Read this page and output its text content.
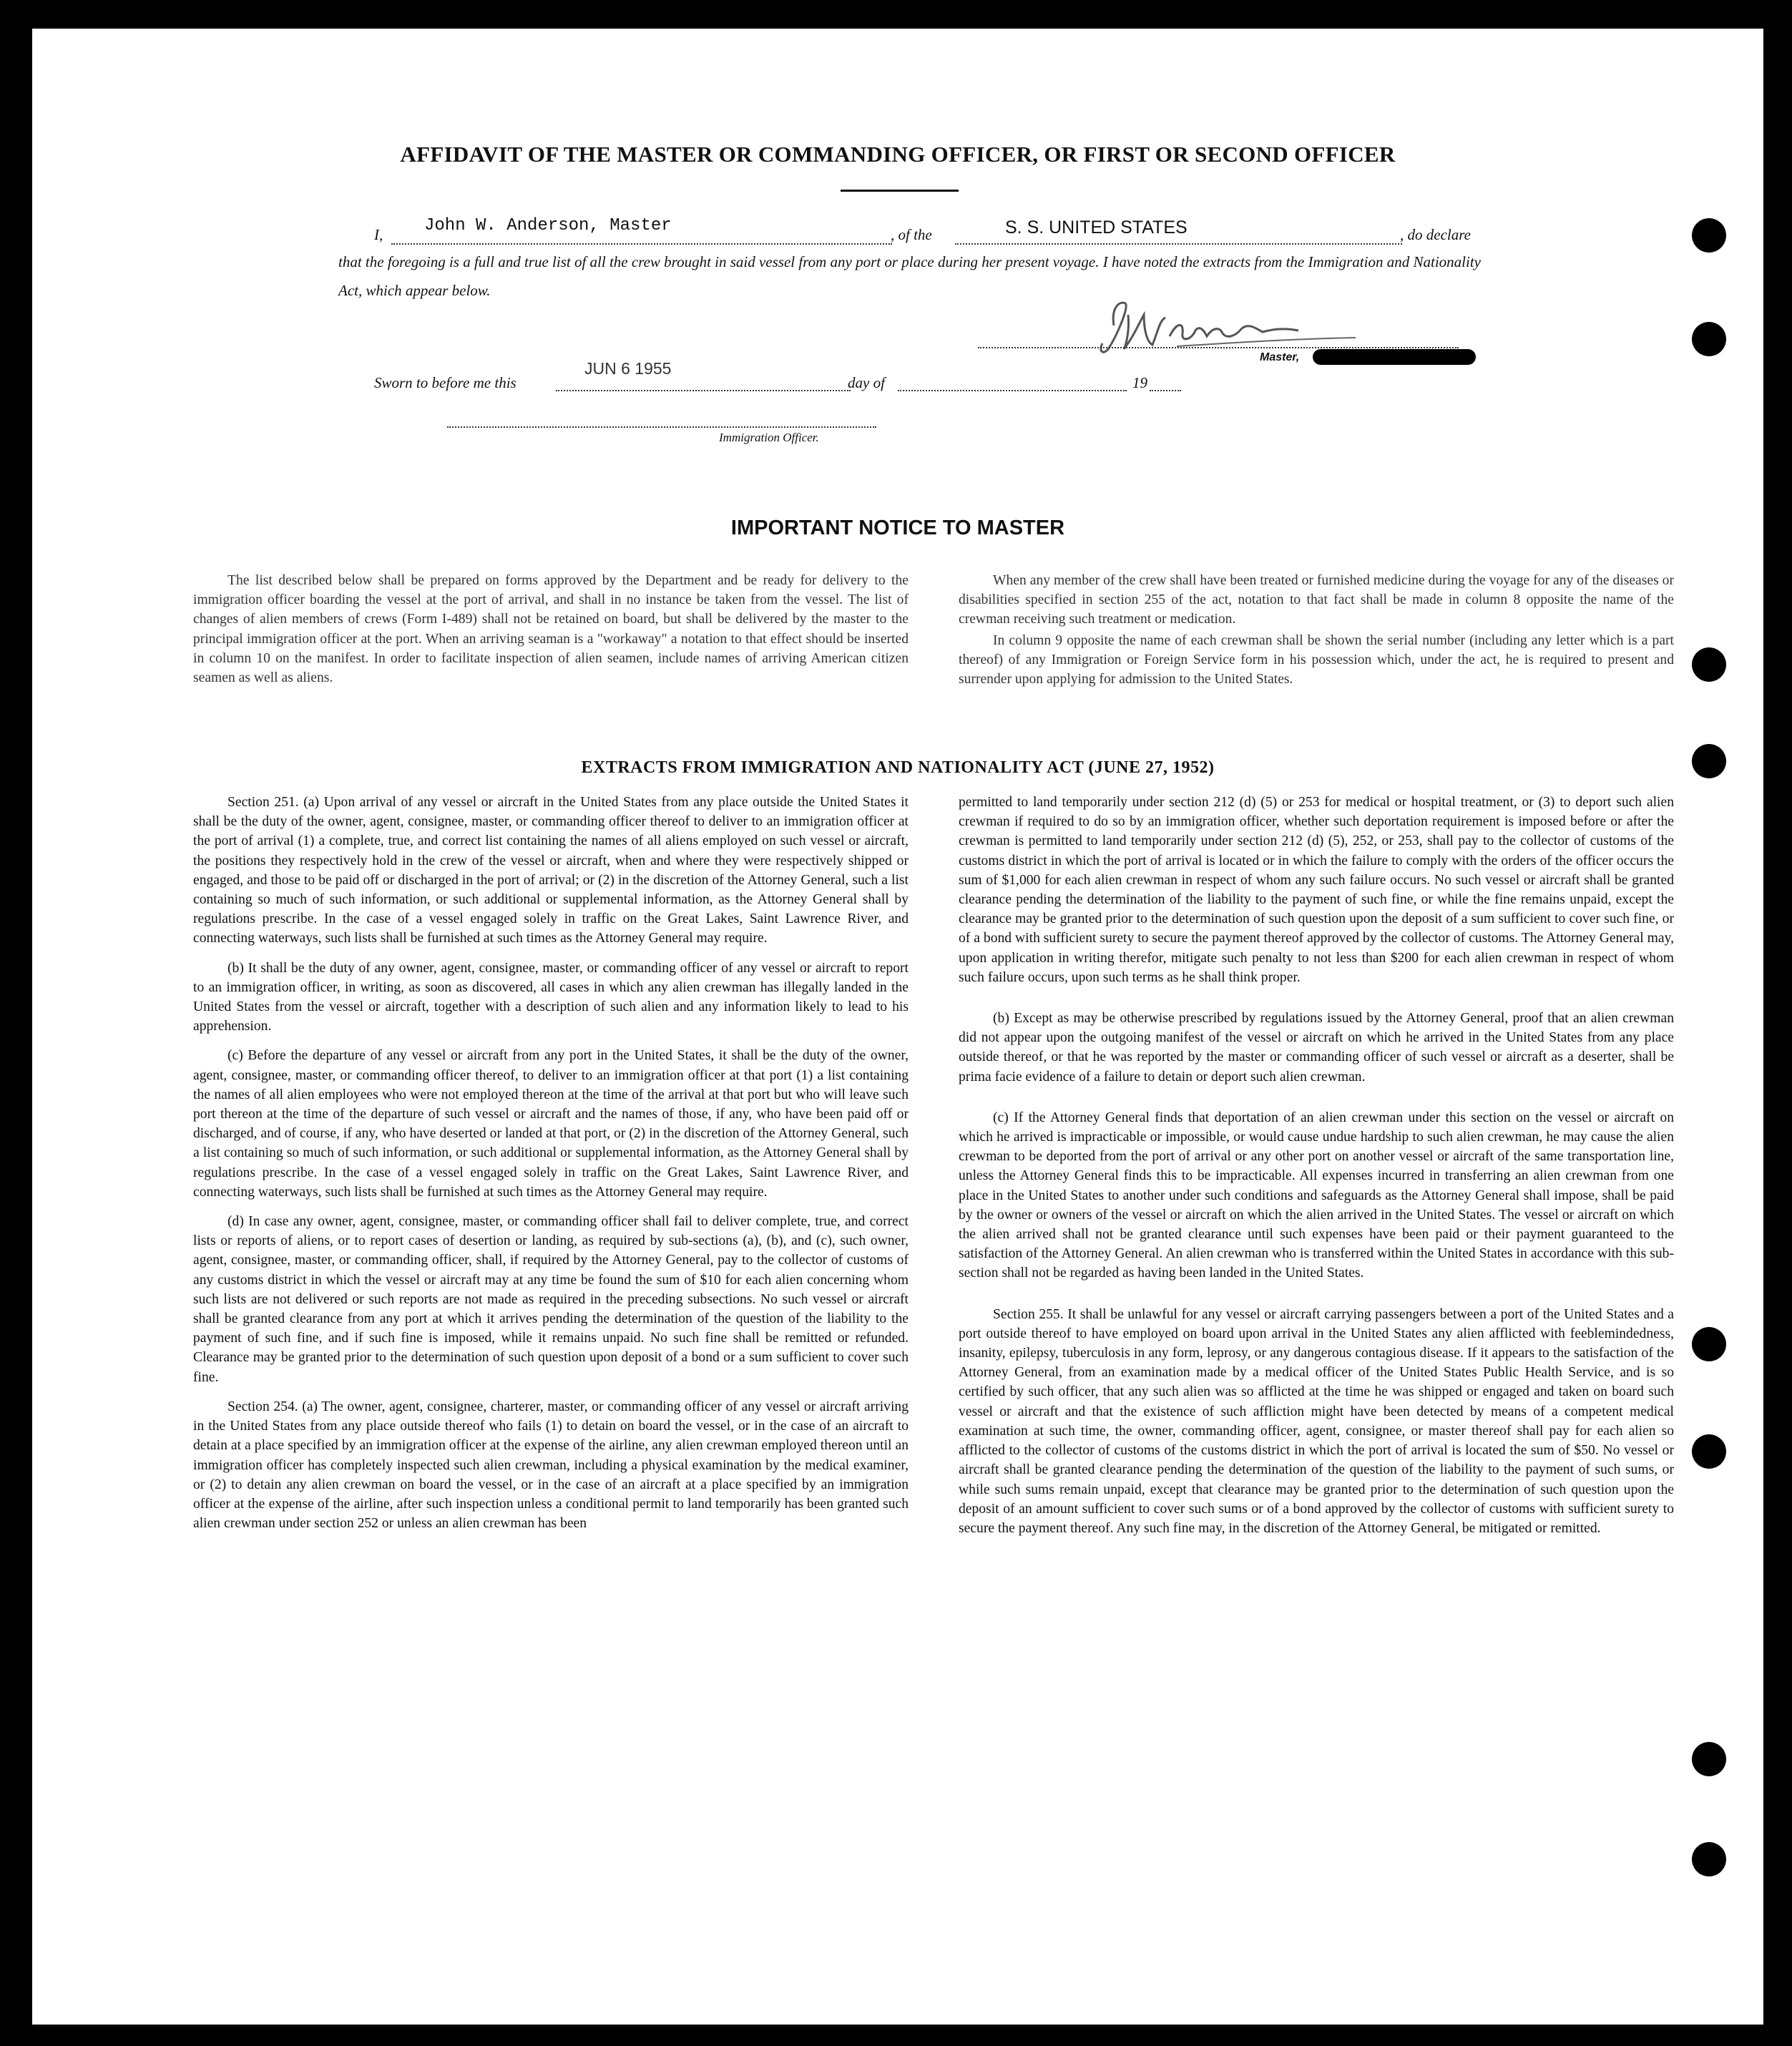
AFFIDAVIT OF THE MASTER OR COMMANDING OFFICER, OR FIRST OR SECOND OFFICER
I, John W. Anderson, Master	, of the	S. S. UNITED STATES	, do declare

that the foregoing is a full and true list of all the crew brought in said vessel from any port or place during her present voyage. I have noted the extracts from the Immigration and Nationality Act, which appear below.

Master,
Sworn to before me this
JUN 6 1955
day of	19
Immigration Officer.
IMPORTANT NOTICE TO MASTER

The list described below shall be prepared on forms approved by the Department and be ready for delivery to the immigration officer boarding the vessel at the port of arrival, and shall in no instance be taken from the vessel. The list of changes of alien members of crews (Form I-489) shall not be retained on board, but shall be delivered by the master to the principal immigration officer at the port. When an arriving seaman is a "workaway" a notation to that effect should be inserted in column 10 on the manifest. In order to facilitate inspection of alien seamen, include names of arriving American citizen seamen as well as aliens.

When any member of the crew shall have been treated or furnished medicine during the voyage for any of the diseases or disabilities specified in section 255 of the act, notation to that fact shall be made in column 8 opposite the name of the crewman receiving such treatment or medication.

In column 9 opposite the name of each crewman shall be shown the serial number (including any letter which is a part thereof) of any Immigration or Foreign Service form in his possession which, under the act, he is required to present and surrender upon applying for admission to the United States.

EXTRACTS FROM IMMIGRATION AND NATIONALITY ACT (JUNE 27, 1952)

Section 251. (a) Upon arrival of any vessel or aircraft in the United States from any place outside the United States it shall be the duty of the owner, agent, consignee, master, or commanding officer thereof to deliver to an immigration officer at the port of arrival (1) a complete, true, and correct list containing the names of all aliens employed on such vessel or aircraft, the positions they respectively hold in the crew of the vessel or aircraft, when and where they were respectively shipped or engaged, and those to be paid off or discharged in the port of arrival; or (2) in the discretion of the Attorney General, such a list containing so much of such information, or such additional or supplemental information, as the Attorney General shall by regulations prescribe. In the case of a vessel engaged solely in traffic on the Great Lakes, Saint Lawrence River, and connecting waterways, such lists shall be furnished at such times as the Attorney General may require.

(b) It shall be the duty of any owner, agent, consignee, master, or commanding officer of any vessel or aircraft to report to an immigration officer, in writing, as soon as discovered, all cases in which any alien crewman has illegally landed in the United States from the vessel or aircraft, together with a description of such alien and any information likely to lead to his apprehension.

(c) Before the departure of any vessel or aircraft from any port in the United States, it shall be the duty of the owner, agent, consignee, master, or commanding officer thereof, to deliver to an immigration officer at that port (1) a list containing the names of all alien employees who were not employed thereon at the time of the arrival at that port but who will leave such port thereon at the time of the departure of such vessel or aircraft and the names of those, if any, who have been paid off or discharged, and of course, if any, who have deserted or landed at that port, or (2) in the discretion of the Attorney General, such a list containing so much of such information, or such additional or supplemental information, as the Attorney General shall by regulations prescribe. In the case of a vessel engaged solely in traffic on the Great Lakes, Saint Lawrence River, and connecting waterways, such lists shall be furnished at such times as the Attorney General may require.

(d) In case any owner, agent, consignee, master, or commanding officer shall fail to deliver complete, true, and correct lists or reports of aliens, or to report cases of desertion or landing, as required by sub-sections (a), (b), and (c), such owner, agent, consignee, master, or commanding officer, shall, if required by the Attorney General, pay to the collector of customs of any customs district in which the vessel or aircraft may at any time be found the sum of $10 for each alien concerning whom such lists are not delivered or such reports are not made as required in the preceding subsections. No such vessel or aircraft shall be granted clearance from any port at which it arrives pending the determination of the question of the liability to the payment of such fine, and if such fine is imposed, while it remains unpaid. No such fine shall be remitted or refunded. Clearance may be granted prior to the determination of such question upon deposit of a bond or a sum sufficient to cover such fine.

Section 254. (a) The owner, agent, consignee, charterer, master, or commanding officer of any vessel or aircraft arriving in the United States from any place outside thereof who fails (1) to detain on board the vessel, or in the case of an aircraft to detain at a place specified by an immigration officer at the expense of the airline, any alien crewman employed thereon until an immigration officer has completely inspected such alien crewman, including a physical examination by the medical examiner, or (2) to detain any alien crewman on board the vessel, or in the case of an aircraft at a place specified by an immigration officer at the expense of the airline, after such inspection unless a conditional permit to land temporarily has been granted such alien crewman under section 252 or unless an alien crewman has been

permitted to land temporarily under section 212 (d) (5) or 253 for medical or hospital treatment, or (3) to deport such alien crewman if required to do so by an immigration officer, whether such deportation requirement is imposed before or after the crewman is permitted to land temporarily under section 212 (d) (5), 252, or 253, shall pay to the collector of customs of the customs district in which the port of arrival is located or in which the failure to comply with the orders of the officer occurs the sum of $1,000 for each alien crewman in respect of whom any such failure occurs. No such vessel or aircraft shall be granted clearance pending the determination of the liability to the payment of such fine, or while the fine remains unpaid, except the clearance may be granted prior to the determination of such question upon the deposit of a sum sufficient to cover such fine, or of a bond with sufficient surety to secure the payment thereof approved by the collector of customs. The Attorney General may, upon application in writing therefor, mitigate such penalty to not less than $200 for each alien crewman in respect of whom such failure occurs, upon such terms as he shall think proper.

(b) Except as may be otherwise prescribed by regulations issued by the Attorney General, proof that an alien crewman did not appear upon the outgoing manifest of the vessel or aircraft on which he arrived in the United States from any place outside thereof, or that he was reported by the master or commanding officer of such vessel or aircraft as a deserter, shall be prima facie evidence of a failure to detain or deport such alien crewman.

(c) If the Attorney General finds that deportation of an alien crewman under this section on the vessel or aircraft on which he arrived is impracticable or impossible, or would cause undue hardship to such alien crewman, he may cause the alien crewman to be deported from the port of arrival or any other port on another vessel or aircraft of the same transportation line, unless the Attorney General finds this to be impracticable. All expenses incurred in transferring an alien crewman from one place in the United States to another under such conditions and safeguards as the Attorney General shall impose, shall be paid by the owner or owners of the vessel or aircraft on which the alien arrived in the United States. The vessel or aircraft on which the alien arrived shall not be granted clearance until such expenses have been paid or their payment guaranteed to the satisfaction of the Attorney General. An alien crewman who is transferred within the United States in accordance with this sub-section shall not be regarded as having been landed in the United States.

Section 255. It shall be unlawful for any vessel or aircraft carrying passengers between a port of the United States and a port outside thereof to have employed on board upon arrival in the United States any alien afflicted with feeblemindedness, insanity, epilepsy, tuberculosis in any form, leprosy, or any dangerous contagious disease. If it appears to the satisfaction of the Attorney General, from an examination made by a medical officer of the United States Public Health Service, and is so certified by such officer, that any such alien was so afflicted at the time he was shipped or engaged and taken on board such vessel or aircraft and that the existence of such affliction might have been detected by means of a competent medical examination at such time, the owner, commanding officer, agent, consignee, or master thereof shall pay for each alien so afflicted to the collector of customs of the customs district in which the port of arrival is located the sum of $50. No vessel or aircraft shall be granted clearance pending the determination of the question of the liability to the payment of such sums, or while such sums remain unpaid, except that clearance may be granted prior to the determination of such question upon the deposit of an amount sufficient to cover such sums or of a bond approved by the collector of customs with sufficient surety to secure the payment thereof. Any such fine may, in the discretion of the Attorney General, be mitigated or remitted.
